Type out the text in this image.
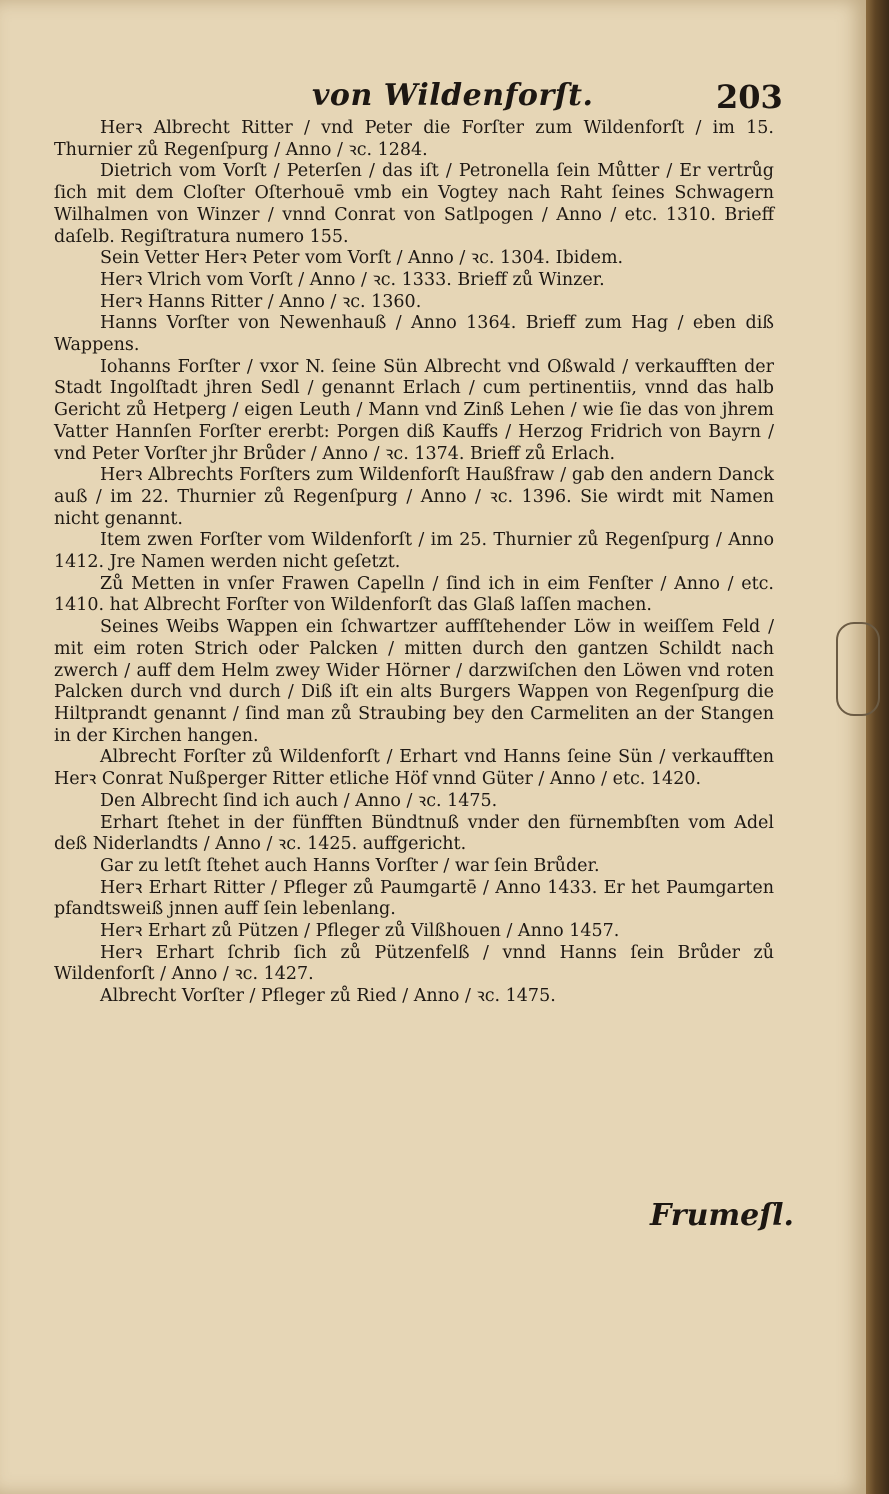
von Wildenforſt.	203

Herꝛ Albrecht Ritter / vnd Peter die Forſter zum Wildenforſt / im 15. Thurnier zů Regenſpurg / Anno / ꝛc. 1284.

Dietrich vom Vorſt / Peterſen / das iſt / Petronella ſein Můtter / Er vertrůg ſich mit dem Cloſter Oſterhouē vmb ein Vogtey nach Raht ſeines Schwagern Wilhalmen von Winzer / vnnd Conrat von Satlpogen / Anno / etc. 1310. Brieff daſelb. Regiſtratura numero 155.

Sein Vetter Herꝛ Peter vom Vorſt / Anno / ꝛc. 1304. Ibidem.

Herꝛ Vlrich vom Vorſt / Anno / ꝛc. 1333. Brieff zů Winzer.

Herꝛ Hanns Ritter / Anno / ꝛc. 1360.

Hanns Vorſter von Newenhauß / Anno 1364. Brieff zum Hag / eben diß Wappens.

Iohanns Forſter / vxor N. ſeine Sün Albrecht vnd Oßwald / verkaufften der Stadt Ingolſtadt jhren Sedl / genannt Erlach / cum pertinentiis, vnnd das halb Gericht zů Hetperg / eigen Leuth / Mann vnd Zinß Lehen / wie ſie das von jhrem Vatter Hannſen Forſter ererbt: Porgen diß Kauffs / Herzog Fridrich von Bayrn / vnd Peter Vorſter jhr Brůder / Anno / ꝛc. 1374. Brieff zů Erlach.

Herꝛ Albrechts Forſters zum Wildenforſt Haußfraw / gab den andern Danck auß / im 22. Thurnier zů Regenſpurg / Anno / ꝛc. 1396. Sie wirdt mit Namen nicht genannt.

Item zwen Forſter vom Wildenforſt / im 25. Thurnier zů Regenſpurg / Anno 1412. Jre Namen werden nicht geſetzt.

Zů Metten in vnſer Frawen Capelln / ſind ich in eim Fenſter / Anno / etc. 1410. hat Albrecht Forſter von Wildenforſt das Glaß laſſen machen.

Seines Weibs Wappen ein ſchwartzer auffſtehender Löw in weiſſem Feld / mit eim roten Strich oder Palcken / mitten durch den gantzen Schildt nach zwerch / auff dem Helm zwey Wider Hörner / darzwiſchen den Löwen vnd roten Palcken durch vnd durch / Diß iſt ein alts Burgers Wappen von Regenſpurg die Hiltprandt genannt / ſind man zů Straubing bey den Carmeliten an der Stangen in der Kirchen hangen.

Albrecht Forſter zů Wildenforſt / Erhart vnd Hanns ſeine Sün / verkaufften Herꝛ Conrat Nußperger Ritter etliche Höf vnnd Güter / Anno / etc. 1420.

Den Albrecht ſind ich auch / Anno / ꝛc. 1475.

Erhart ſtehet in der fünfften Bündtnuß vnder den fürnembſten vom Adel deß Niderlandts / Anno / ꝛc. 1425. auffgericht.

Gar zu letſt ſtehet auch Hanns Vorſter / war ſein Brůder.

Herꝛ Erhart Ritter / Pfleger zů Paumgartē / Anno 1433. Er het Paumgarten pfandtsweiß jnnen auff ſein lebenlang.

Herꝛ Erhart zů Pützen / Pfleger zů Vilßhouen / Anno 1457.

Herꝛ Erhart ſchrib ſich zů Pützenfelß / vnnd Hanns ſein Brůder zů Wildenforſt / Anno / ꝛc. 1427.

Albrecht Vorſter / Pfleger zů Ried / Anno / ꝛc. 1475.

Frumeſl.
